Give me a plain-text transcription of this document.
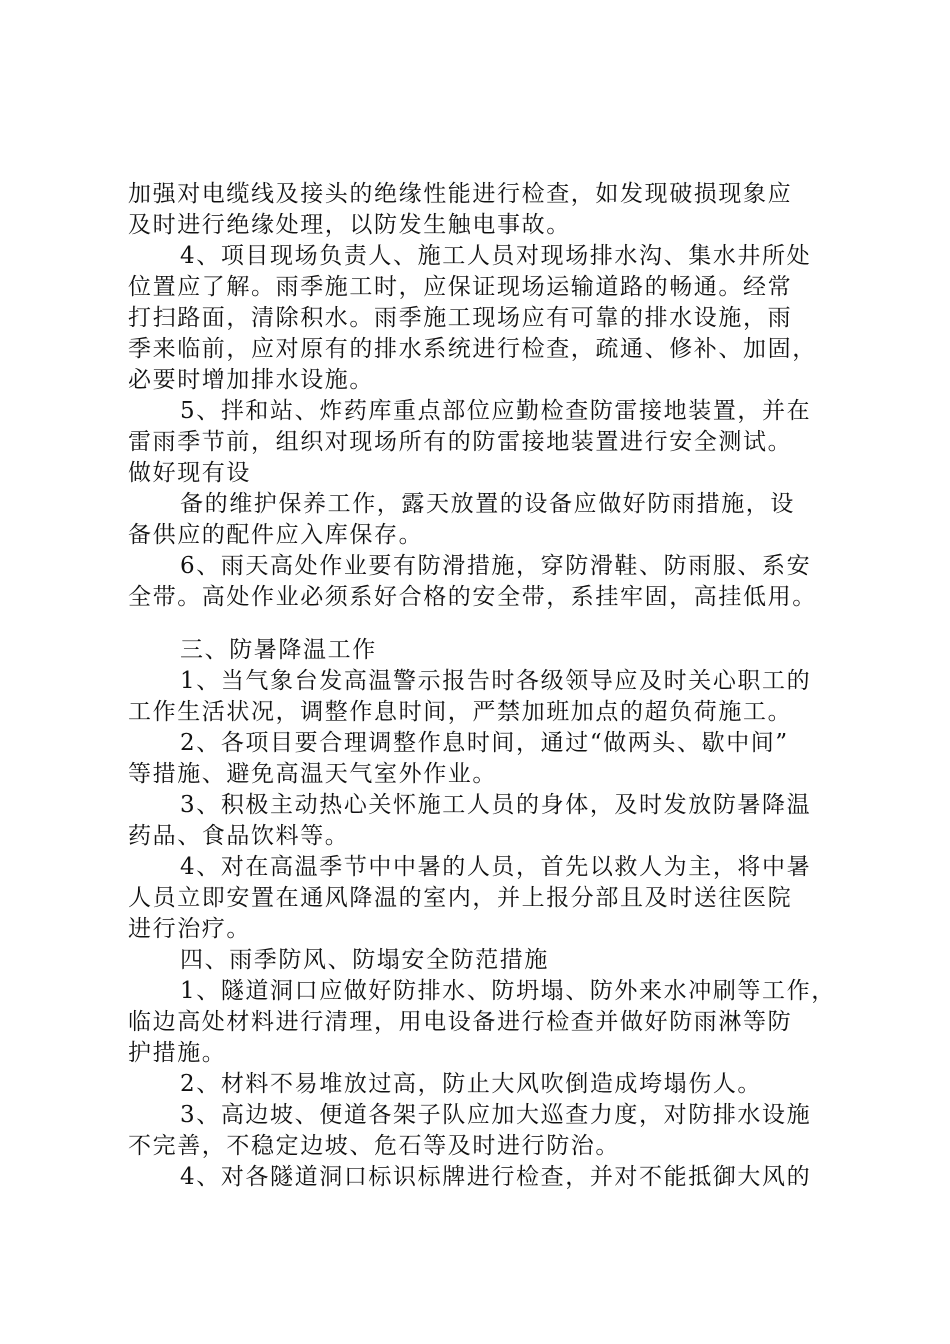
加强对电缆线及接头的绝缘性能进行检查，如发现破损现象应
及时进行绝缘处理，以防发生触电事故。
4、项目现场负责人、施工人员对现场排水沟、集水井所处
位置应了解。雨季施工时，应保证现场运输道路的畅通。经常
打扫路面，清除积水。雨季施工现场应有可靠的排水设施，雨
季来临前，应对原有的排水系统进行检查，疏通、修补、加固，
必要时增加排水设施。
5、拌和站、炸药库重点部位应勤检查防雷接地装置，并在
雷雨季节前，组织对现场所有的防雷接地装置进行安全测试。
做好现有设
备的维护保养工作，露天放置的设备应做好防雨措施，设
备供应的配件应入库保存。
6、雨天高处作业要有防滑措施，穿防滑鞋、防雨服、系安
全带。高处作业必须系好合格的安全带，系挂牢固，高挂低用。
三、防暑降温工作
1、当气象台发高温警示报告时各级领导应及时关心职工的
工作生活状况，调整作息时间，严禁加班加点的超负荷施工。
2、各项目要合理调整作息时间，通过“做两头、歇中间”
等措施、避免高温天气室外作业。
3、积极主动热心关怀施工人员的身体，及时发放防暑降温
药品、食品饮料等。
4、对在高温季节中中暑的人员，首先以救人为主，将中暑
人员立即安置在通风降温的室内，并上报分部且及时送往医院
进行治疗。
四、雨季防风、防塌安全防范措施
1、隧道洞口应做好防排水、防坍塌、防外来水冲刷等工作，
临边高处材料进行清理，用电设备进行检查并做好防雨淋等防
护措施。
2、材料不易堆放过高，防止大风吹倒造成垮塌伤人。
3、高边坡、便道各架子队应加大巡查力度，对防排水设施
不完善，不稳定边坡、危石等及时进行防治。
4、对各隧道洞口标识标牌进行检查，并对不能抵御大风的
